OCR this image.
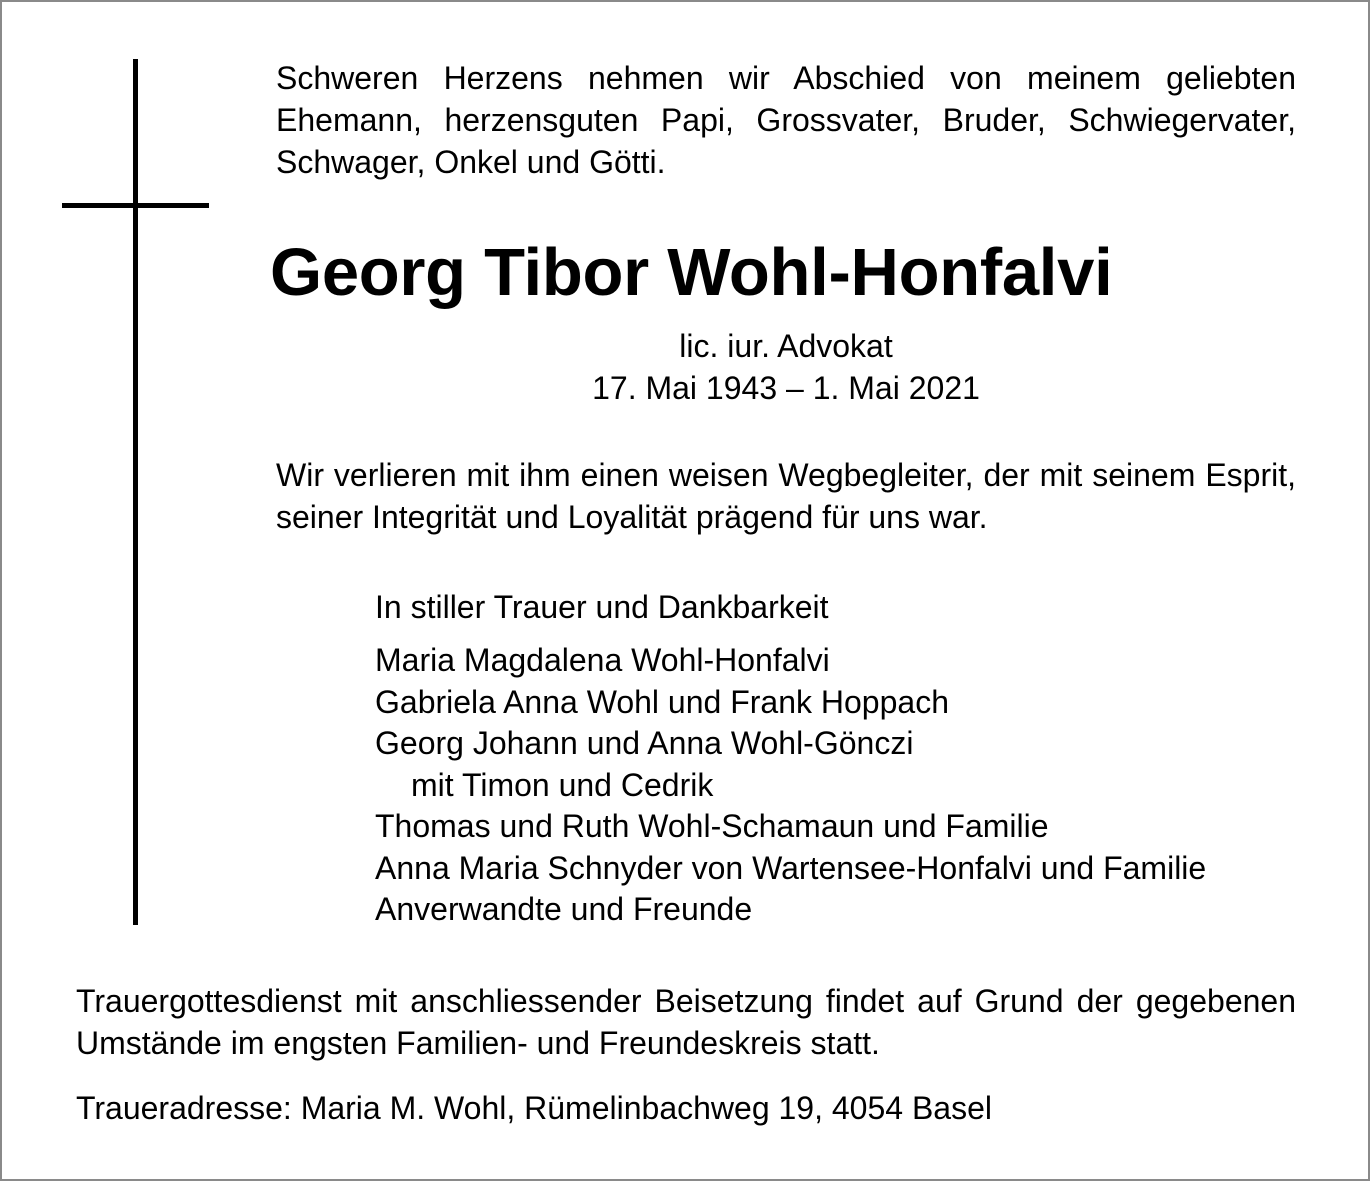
Schweren Herzens nehmen wir Abschied von meinem geliebten Ehemann, herzensguten Papi, Grossvater, Bruder, Schwiegervater, Schwager, Onkel und Götti.
Georg Tibor Wohl-Honfalvi
lic. iur. Advokat
17. Mai 1943 – 1. Mai 2021
Wir verlieren mit ihm einen weisen Wegbegleiter, der mit seinem Esprit, seiner Integrität und Loyalität prägend für uns war.
In stiller Trauer und Dankbarkeit
Maria Magdalena Wohl-Honfalvi
Gabriela Anna Wohl und Frank Hoppach
Georg Johann und Anna Wohl-Gönczi
mit Timon und Cedrik
Thomas und Ruth Wohl-Schamaun und Familie
Anna Maria Schnyder von Wartensee-Honfalvi und Familie
Anverwandte und Freunde
Trauergottesdienst mit anschliessender Beisetzung findet auf Grund der gegebenen Umstände im engsten Familien- und Freundeskreis statt.
Traueradresse: Maria M. Wohl, Rümelinbachweg 19, 4054 Basel
